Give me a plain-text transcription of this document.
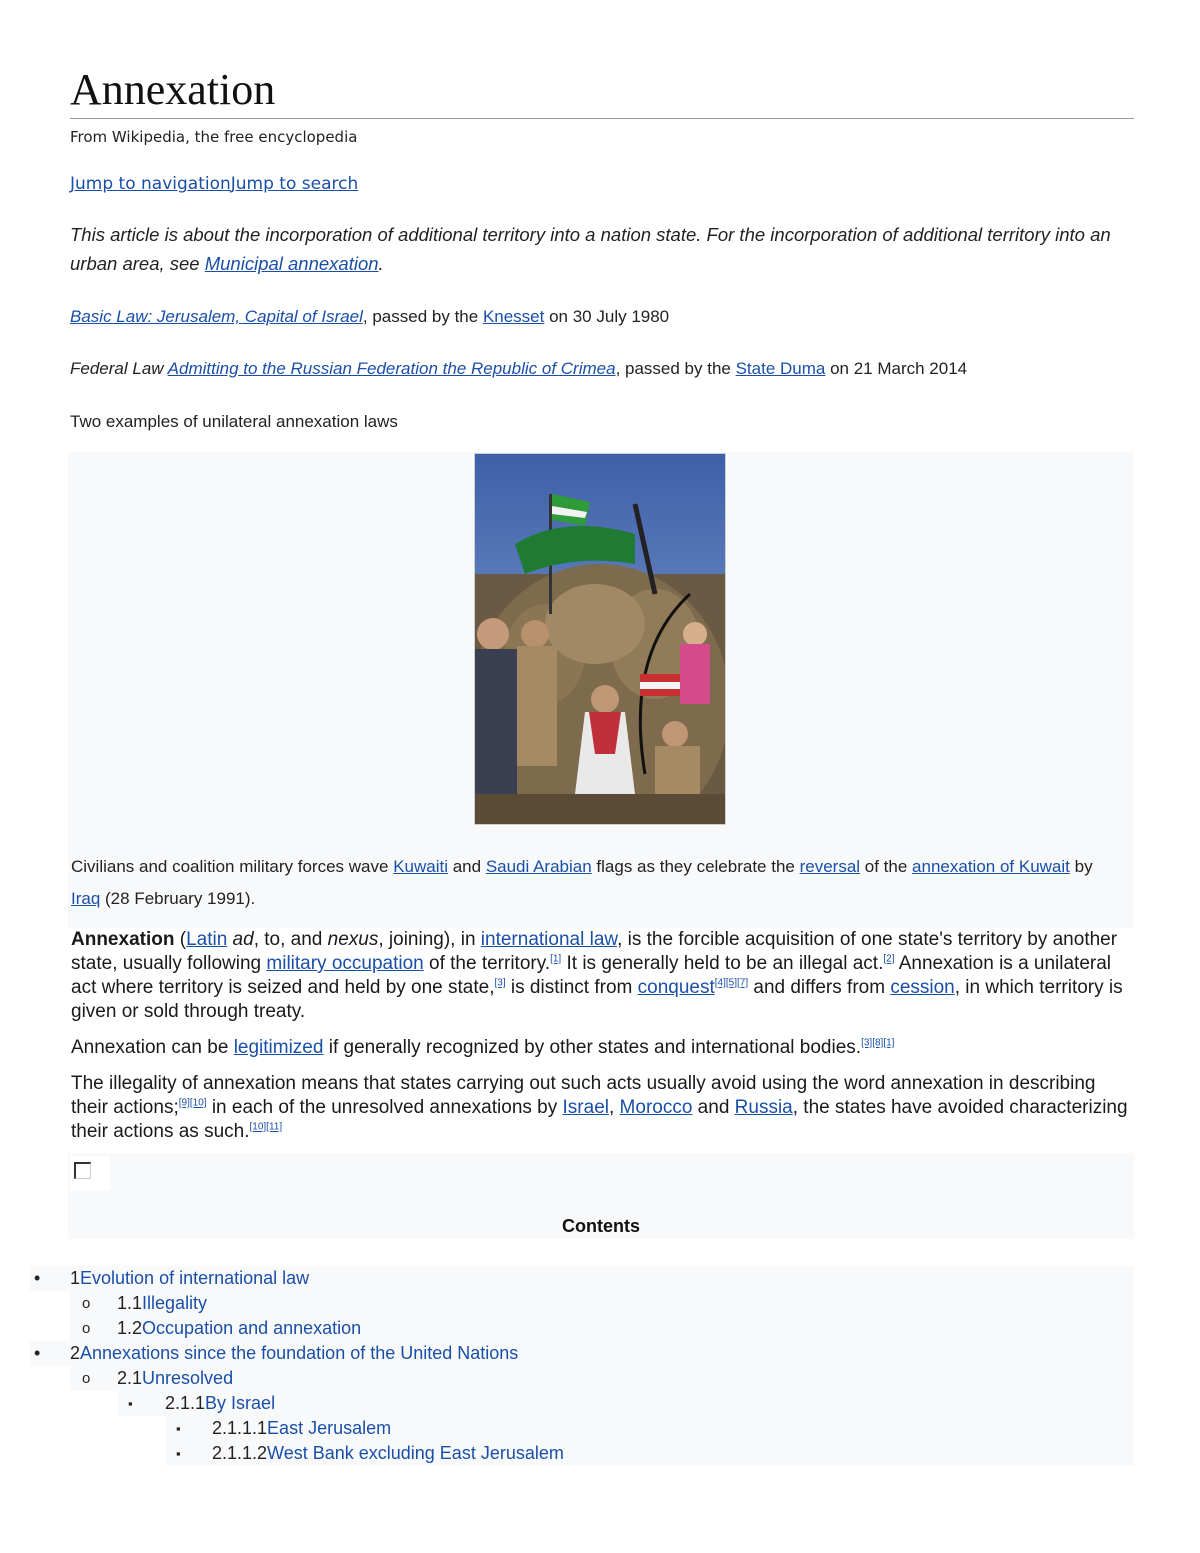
Annexation
From Wikipedia, the free encyclopedia
Jump to navigationJump to search
This article is about the incorporation of additional territory into a nation state. For the incorporation of additional territory into an urban area, see Municipal annexation.
Basic Law: Jerusalem, Capital of Israel, passed by the Knesset on 30 July 1980
Federal Law Admitting to the Russian Federation the Republic of Crimea, passed by the State Duma on 21 March 2014
Two examples of unilateral annexation laws
Civilians and coalition military forces wave Kuwaiti and Saudi Arabian flags as they celebrate the reversal of the annexation of Kuwait by Iraq (28 February 1991).

Annexation (Latin ad, to, and nexus, joining), in international law, is the forcible acquisition of one state's territory by another state, usually following military occupation of the territory.[1] It is generally held to be an illegal act.[2] Annexation is a unilateral act where territory is seized and held by one state,[3] is distinct from conquest[4][5][7] and differs from cession, in which territory is given or sold through treaty.

Annexation can be legitimized if generally recognized by other states and international bodies.[3][8][1]

The illegality of annexation means that states carrying out such acts usually avoid using the word annexation in describing their actions;[9][10] in each of the unresolved annexations by Israel, Morocco and Russia, the states have avoided characterizing their actions as such.[10][11]

Contents
• 1Evolution of international law
o 1.1Illegality
o 1.2Occupation and annexation
• 2Annexations since the foundation of the United Nations
o 2.1Unresolved
▪ 2.1.1By Israel
▪ 2.1.1.1East Jerusalem
▪ 2.1.1.2West Bank excluding East Jerusalem
